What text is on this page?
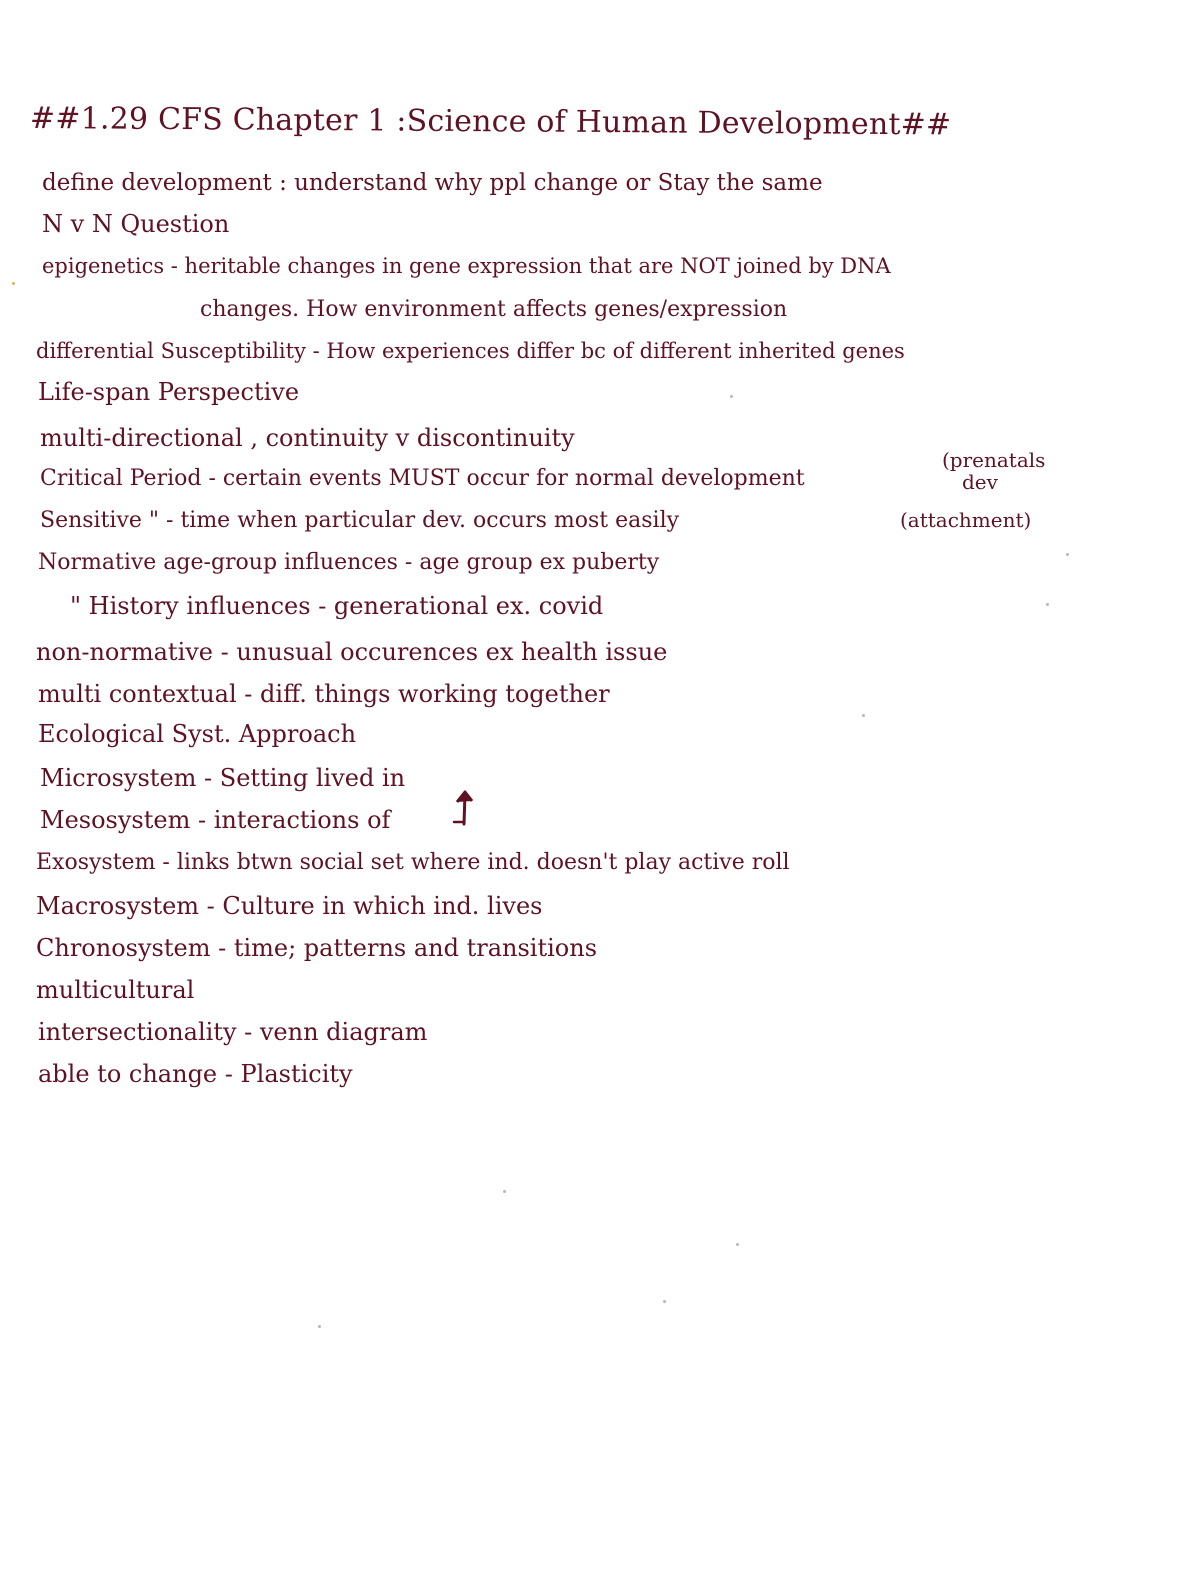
##1.29 CFS Chapter 1 :Science of Human Development##
define development : understand why ppl change or Stay the same
N v N Question
epigenetics - heritable changes in gene expression that are NOT joined by DNA
changes. How environment affects genes/expression
differential Susceptibility - How experiences differ bc of different inherited genes
Life-span Perspective
multi-directional , continuity v discontinuity
Critical Period - certain events MUST occur for normal development
Sensitive " - time when particular dev. occurs most easily
Normative age-group influences - age group ex puberty
" History influences - generational ex. covid
non-normative - unusual occurences ex health issue
multi contextual - diff. things working together
Ecological Syst. Approach
Microsystem - Setting lived in
Mesosystem - interactions of
Exosystem - links btwn social set where ind. doesn't play active roll
Macrosystem - Culture in which ind. lives
Chronosystem - time; patterns and transitions
multicultural
intersectionality - venn diagram
able to change - Plasticity
(prenatals
dev
(attachment)
